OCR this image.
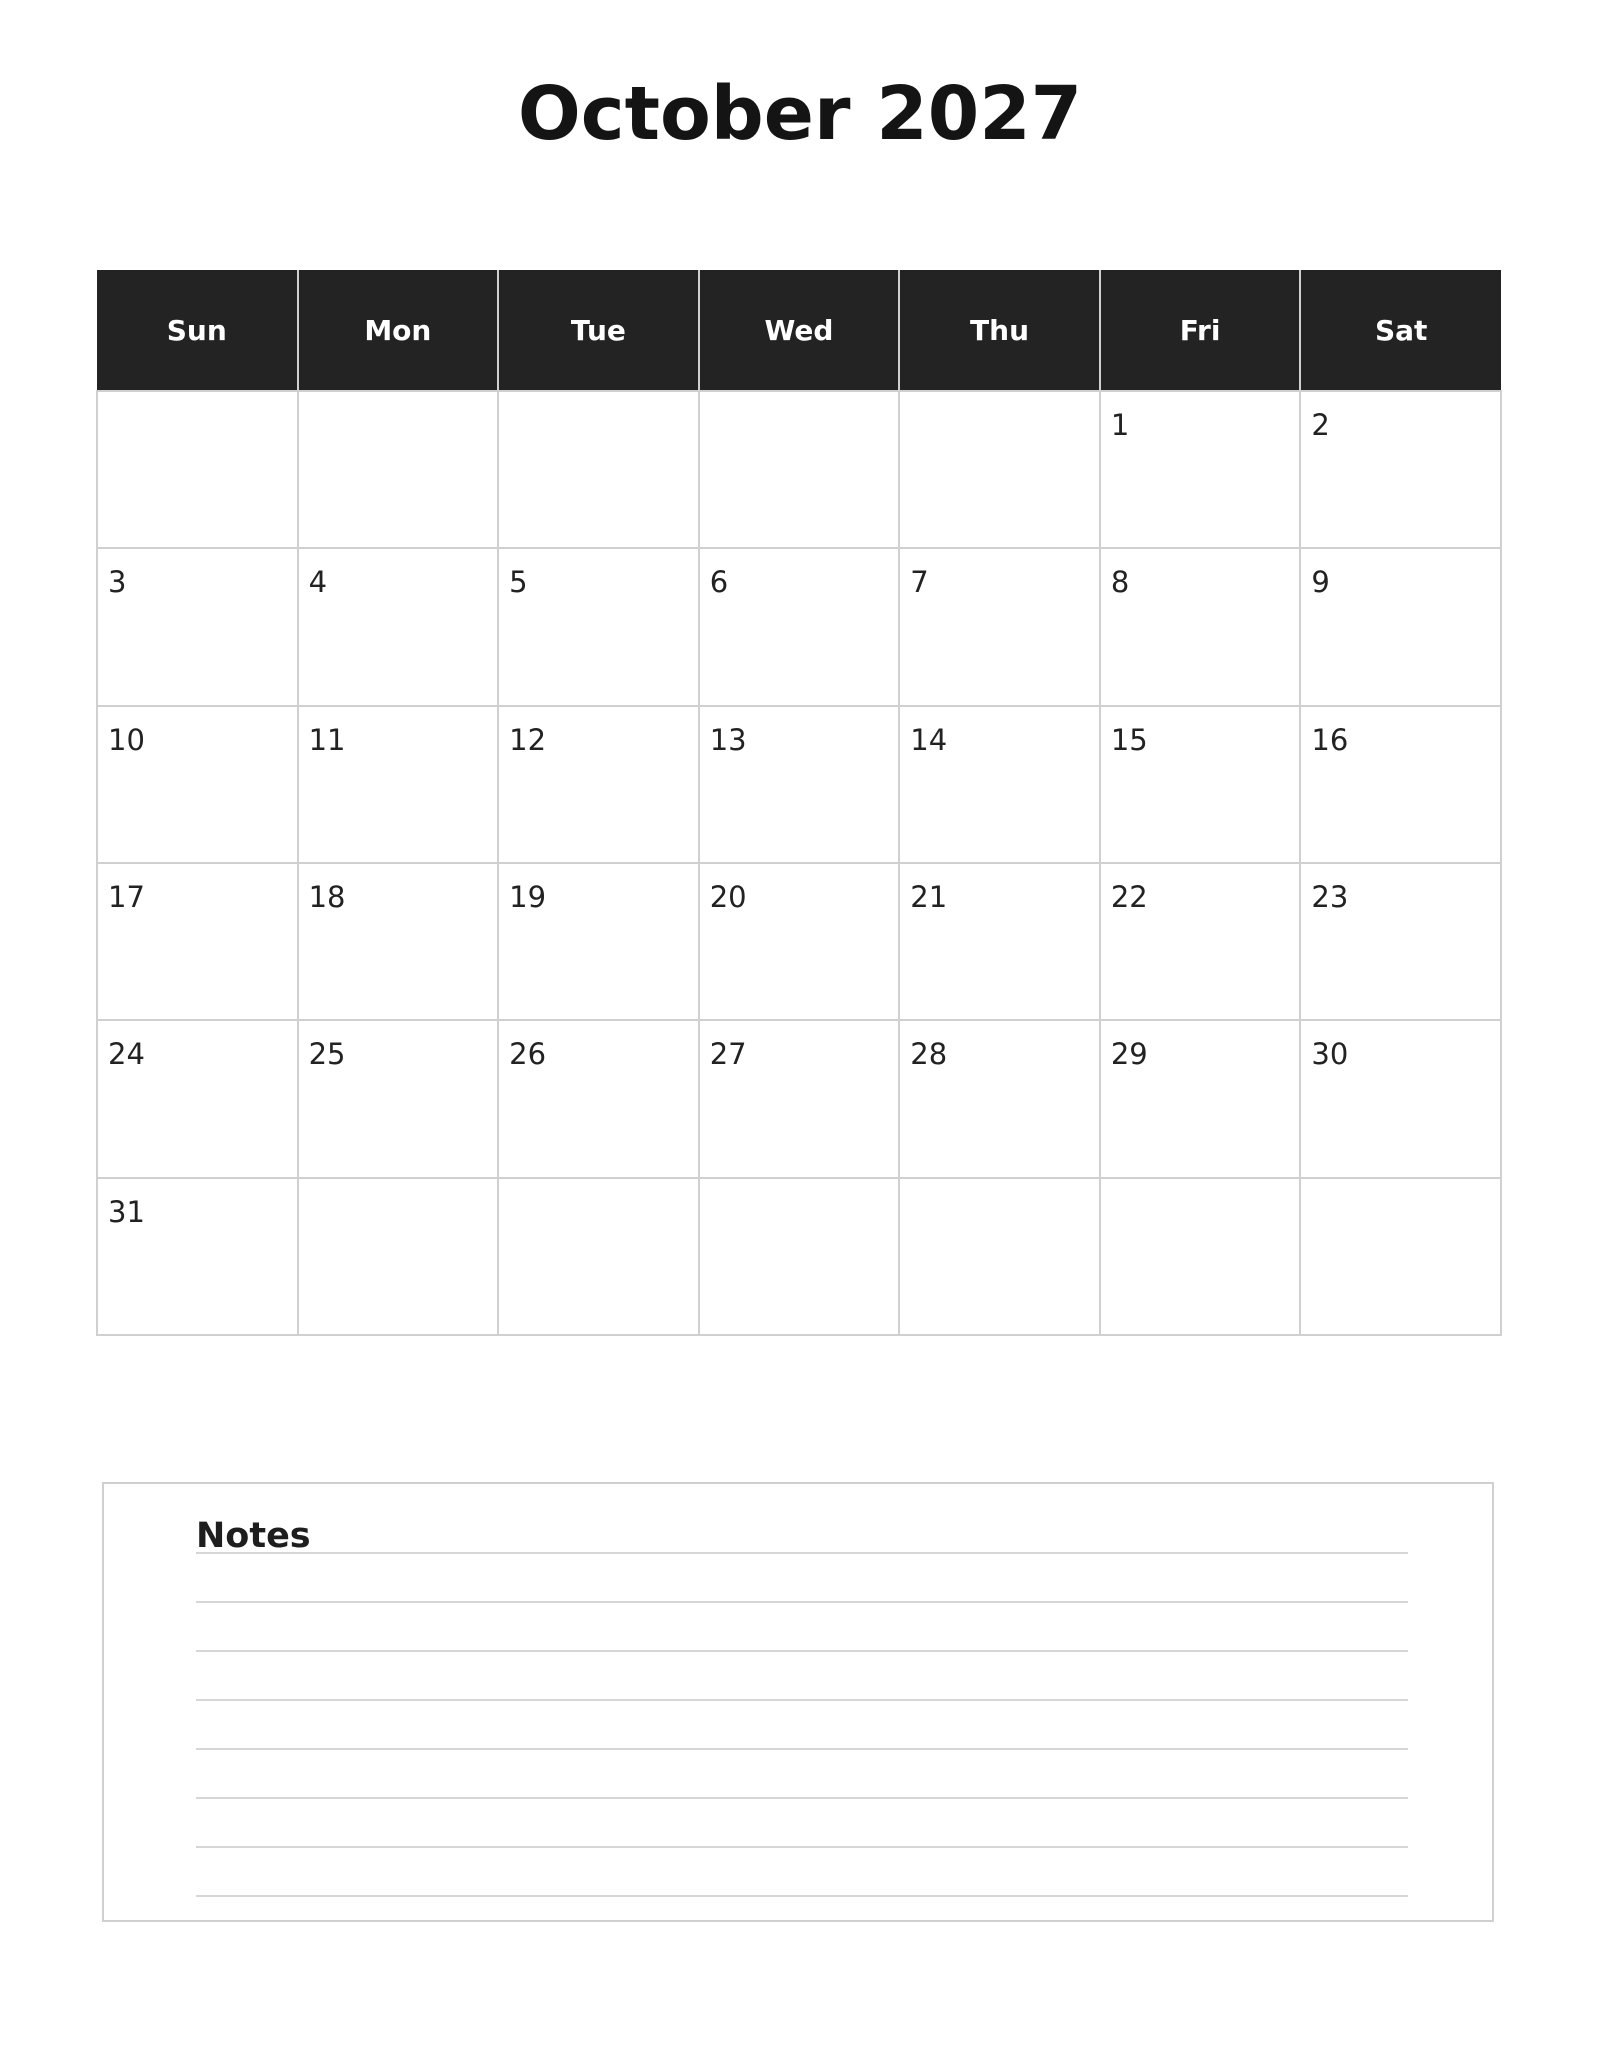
October 2027
Sun	Mon	Tue	Wed	Thu	Fri	Sat

					1	2

3	4	5	6	7	8	9

10	11	12	13	14	15	16

17	18	19	20	21	22	23

24	25	26	27	28	29	30

31						

Notes
